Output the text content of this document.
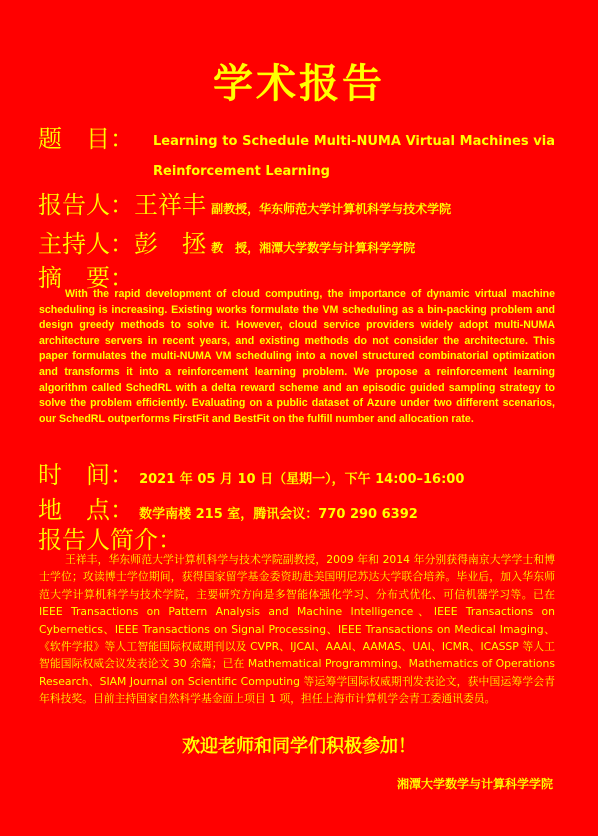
学术报告
题　目： Learning to Schedule Multi-NUMA Virtual Machines via Reinforcement Learning
报告人：王祥丰 副教授，华东师范大学计算机科学与技术学院
主持人：彭　拯 教　授，湘潭大学数学与计算科学学院
摘　要：
With the rapid development of cloud computing, the importance of dynamic virtual machine scheduling is increasing. Existing works formulate the VM scheduling as a bin-packing problem and design greedy methods to solve it. However, cloud service providers widely adopt multi-NUMA architecture servers in recent years, and existing methods do not consider the architecture. This paper formulates the multi-NUMA VM scheduling into a novel structured combinatorial optimization and transforms it into a reinforcement learning problem. We propose a reinforcement learning algorithm called SchedRL with a delta reward scheme and an episodic guided sampling strategy to solve the problem efficiently. Evaluating on a public dataset of Azure under two different scenarios, our SchedRL outperforms FirstFit and BestFit on the fulfill number and allocation rate.
时　间： 2021 年 05 月 10 日（星期一），下午 14:00–16:00
地　点： 数学南楼 215 室，腾讯会议：770 290 6392
报告人简介：
王祥丰，华东师范大学计算机科学与技术学院副教授，2009 年和 2014 年分别获得南京大学学士和博士学位；攻读博士学位期间，获得国家留学基金委资助赴美国明尼苏达大学联合培养。毕业后，加入华东师范大学计算机科学与技术学院，主要研究方向是多智能体强化学习、分布式优化、可信机器学习等。已在 IEEE Transactions on Pattern Analysis and Machine Intelligence、IEEE Transactions on Cybernetics、IEEE Transactions on Signal Processing、IEEE Transactions on Medical Imaging、《软件学报》等人工智能国际权威期刊以及 CVPR、IJCAI、AAAI、AAMAS、UAI、ICMR、ICASSP 等人工智能国际权威会议发表论文 30 余篇；已在 Mathematical Programming、Mathematics of Operations Research、SIAM Journal on Scientific Computing 等运筹学国际权威期刊发表论文，获中国运筹学会青年科技奖。目前主持国家自然科学基金面上项目 1 项，担任上海市计算机学会青工委通讯委员。
欢迎老师和同学们积极参加！
湘潭大学数学与计算科学学院
